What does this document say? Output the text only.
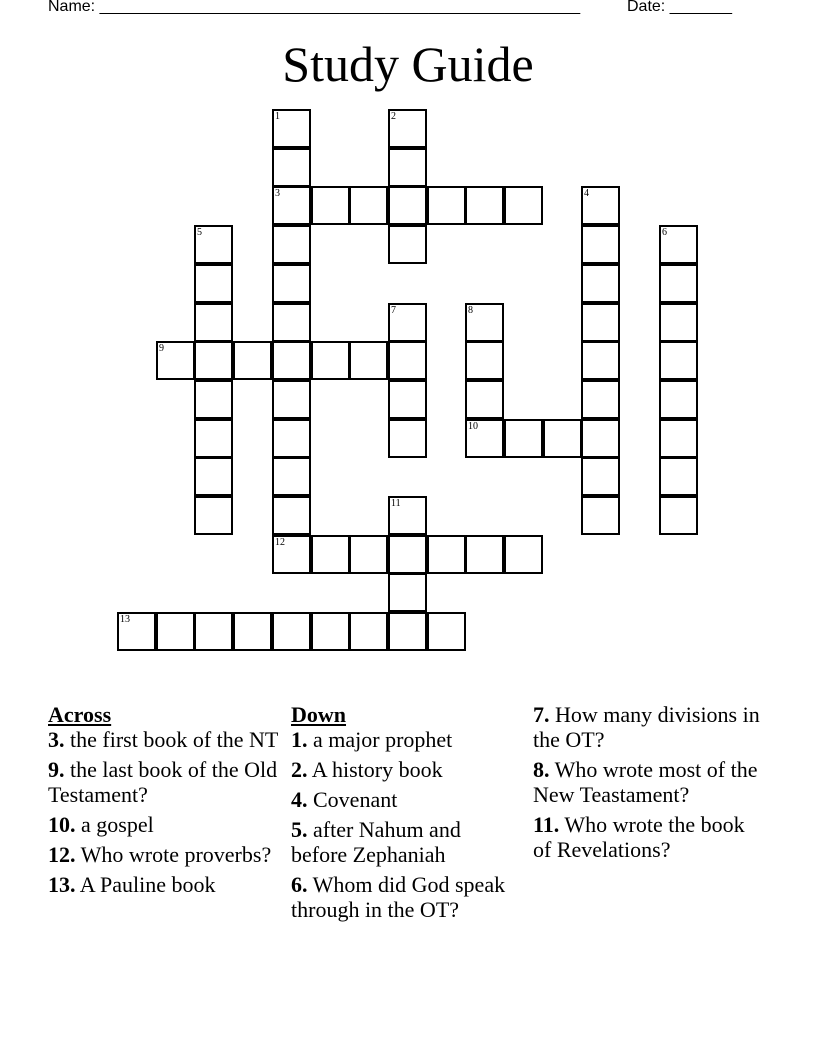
Name: ______________________________________________________	Date: _______
Study Guide
1
3
2
4
5	6
7	8
10
9
11
12
13
Across
3. the first book of the NT
9. the last book of the Old Testament?
10. a gospel
12. Who wrote proverbs?
13. A Pauline book
Down
1. a major prophet
2. A history book
4. Covenant
5. after Nahum and before Zephaniah
6. Whom did God speak through in the OT?
7. How many divisions in the OT?
8. Who wrote most of the New Teastament?
11. Who wrote the book of Revelations?
